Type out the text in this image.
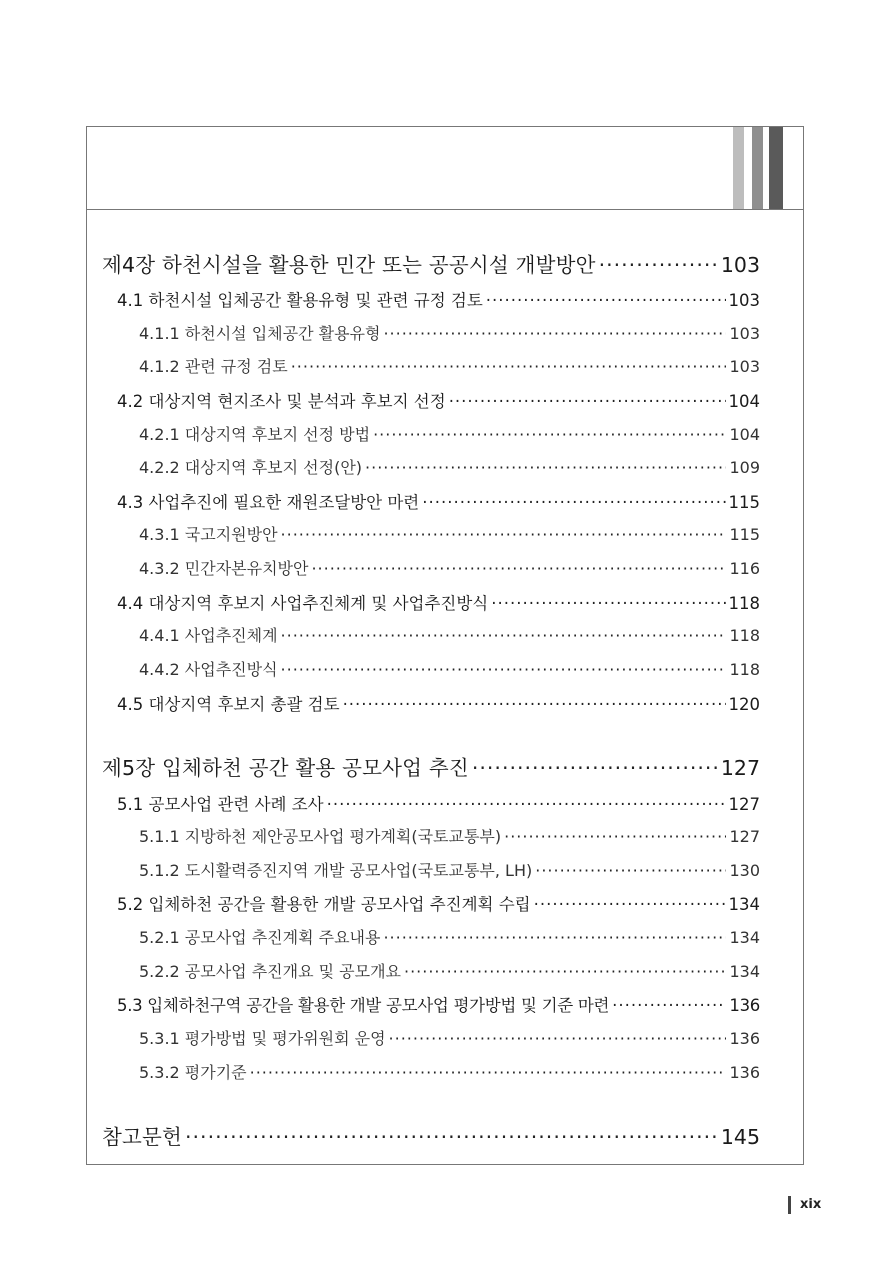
제4장 하천시설을 활용한 민간 또는 공공시설 개발방안 ·····	103
4.1 하천시설 입체공간 활용유형 및 관련 규정 검토 ·····	103
4.1.1 하천시설 입체공간 활용유형 ·····	103
4.1.2 관련 규정 검토 ·····	103
4.2 대상지역 현지조사 및 분석과 후보지 선정 ·····	104
4.2.1 대상지역 후보지 선정 방법 ·····	104
4.2.2 대상지역 후보지 선정(안) ·····	109
4.3 사업추진에 필요한 재원조달방안 마련 ·····	115
4.3.1 국고지원방안 ·····	115
4.3.2 민간자본유치방안 ·····	116
4.4 대상지역 후보지 사업추진체계 및 사업추진방식 ·····	118
4.4.1 사업추진체계 ·····	118
4.4.2 사업추진방식 ·····	118
4.5 대상지역 후보지 총괄 검토 ·····	120
제5장 입체하천 공간 활용 공모사업 추진 ·····	127
5.1 공모사업 관련 사례 조사 ·····	127
5.1.1 지방하천 제안공모사업 평가계획(국토교통부) ·····	127
5.1.2 도시활력증진지역 개발 공모사업(국토교통부, LH) ·····	130
5.2 입체하천 공간을 활용한 개발 공모사업 추진계획 수립 ·····	134
5.2.1 공모사업 추진계획 주요내용 ·····	134
5.2.2 공모사업 추진개요 및 공모개요 ·····	134
5.3 입체하천구역 공간을 활용한 개발 공모사업 평가방법 및 기준 마련 ·····	136
5.3.1 평가방법 및 평가위원회 운영 ·····	136
5.3.2 평가기준 ·····	136
참고문헌 ·····	145
xix
